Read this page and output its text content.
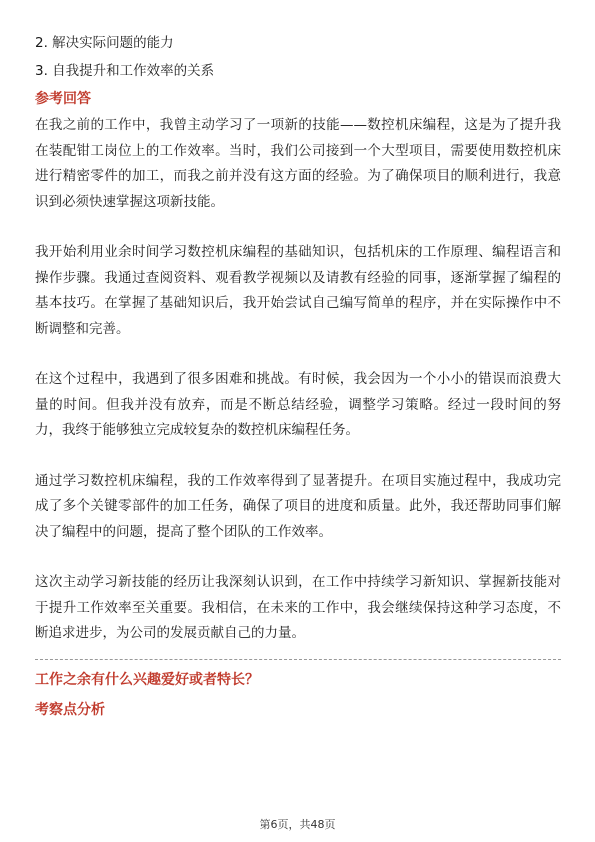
2. 解决实际问题的能力
3. 自我提升和工作效率的关系
参考回答

在我之前的工作中，我曾主动学习了一项新的技能——数控机床编程，这是为了提升我在装配钳工岗位上的工作效率。当时，我们公司接到一个大型项目，需要使用数控机床进行精密零件的加工，而我之前并没有这方面的经验。为了确保项目的顺利进行，我意识到必须快速掌握这项新技能。

我开始利用业余时间学习数控机床编程的基础知识，包括机床的工作原理、编程语言和操作步骤。我通过查阅资料、观看教学视频以及请教有经验的同事，逐渐掌握了编程的基本技巧。在掌握了基础知识后，我开始尝试自己编写简单的程序，并在实际操作中不断调整和完善。

在这个过程中，我遇到了很多困难和挑战。有时候，我会因为一个小小的错误而浪费大量的时间。但我并没有放弃，而是不断总结经验，调整学习策略。经过一段时间的努力，我终于能够独立完成较复杂的数控机床编程任务。

通过学习数控机床编程，我的工作效率得到了显著提升。在项目实施过程中，我成功完成了多个关键零部件的加工任务，确保了项目的进度和质量。此外，我还帮助同事们解决了编程中的问题，提高了整个团队的工作效率。

这次主动学习新技能的经历让我深刻认识到，在工作中持续学习新知识、掌握新技能对于提升工作效率至关重要。我相信，在未来的工作中，我会继续保持这种学习态度，不断追求进步，为公司的发展贡献自己的力量。

工作之余有什么兴趣爱好或者特长？
考察点分析
第6页，共48页
